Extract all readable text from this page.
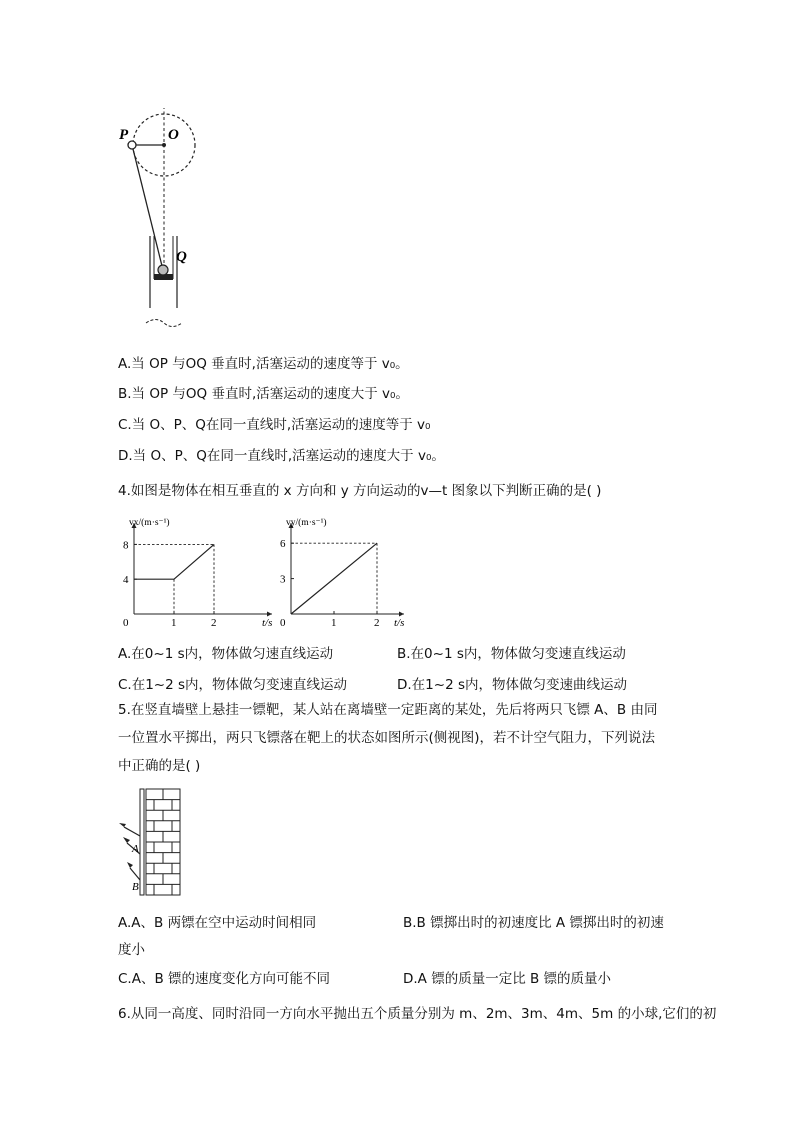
P	O
Q
A.当 OP 与OQ 垂直时,活塞运动的速度等于 v₀。
B.当 OP 与OQ 垂直时,活塞运动的速度大于 v₀。
C.当 O、P、Q在同一直线时,活塞运动的速度等于 v₀
D.当 O、P、Q在同一直线时,活塞运动的速度大于 v₀。
4.如图是物体在相互垂直的 x 方向和 y 方向运动的v—t 图象以下判断正确的是( )
0	1	2
4
8
vx/(m·s⁻¹)
t/s 0	1	2
3
6
vy/(m·s⁻¹)
t/s
A.在0~1 s内，物体做匀速直线运动	B.在0~1 s内，物体做匀变速直线运动
C.在1~2 s内，物体做匀变速直线运动	D.在1~2 s内，物体做匀变速曲线运动
5.在竖直墙壁上悬挂一镖靶，某人站在离墙壁一定距离的某处，先后将两只飞镖 A、B 由同
一位置水平掷出，两只飞镖落在靶上的状态如图所示(侧视图)，若不计空气阻力，下列说法
中正确的是( )
A
B
A.A、B 两镖在空中运动时间相同	B.B 镖掷出时的初速度比 A 镖掷出时的初速
度小
C.A、B 镖的速度变化方向可能不同	D.A 镖的质量一定比 B 镖的质量小
6.从同一高度、同时沿同一方向水平抛出五个质量分别为 m、2m、3m、4m、5m 的小球,它们的初
